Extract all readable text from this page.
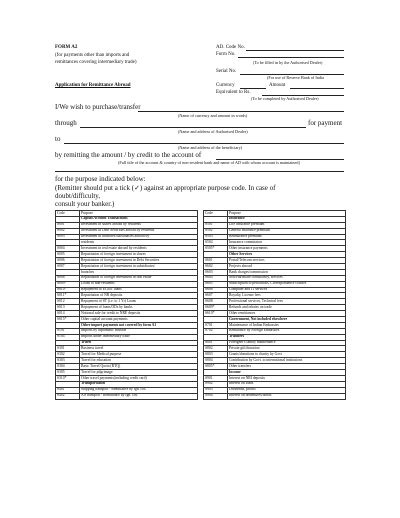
FORM A2
(for payments other than imports and
remittances covering intermediary trade)
Application for Remittance Abroad
AD. Code No.
Form No.
(To be filled in by the Authorised Dealer)
Serial No.
(For use of Reserve Bank of India
Currency	Amount
Equivalent to Rs.
(To be completed by Authorised Dealer)
I/We wish to purchase/transfer
(Name of currency and amount in words)
through	for payment
(Name and address of Authorised Dealer)
to
(Name and address of the beneficiary)
by remitting the amount / by credit to the account of
(Full title of the account & country of non-resident bank and name of AD with whom account is maintained)
for the purpose indicated below:
(Remitter should put a tick (✓) against an appropriate purpose code. In case of
doubt/difficulty,
consult your banker.)
Code	Purpose
	Capital Account Transactions
S001	Investment in shares abroad by residents
S002	Investment in Debt Securities abroad by residents
S003	Investment in branches/subsidiaries abroad by
	residents
S004	Investment in real estate abroad by residents
S005	Repatriation of foreign investment in shares
S006	Repatriation of foreign investment in Debt Securities
S007	Repatriation of foreign investment in subsidiaries/
	branches
S008	Repatriation of foreign investment in real estate
S009*	Loans to non-residents
S010*	Repayment of ECMT loans
S011*	Repatriation of NR deposits
S012	Repayment of ST (i.e. to 1 Yr) Loans
S013	Repayment of loans/ODs by banks
S014	Notional sale for credit to NRE deposits
S015*	Other capital account payments
	Other import payments not covered by form A1
S101	Imports by diplomatic mission
S104	Imports under intermediary trade
	Travel
S301	Business travel
S302	Travel for Medical purpose
S303	Travel for education
S304	Basic Travel Quota (BTQ)
S305	Travel for pilgrimage
S310*	Other travel payments(including credit card)
	Transportation
S401	Shipping transport - Remittance by fgn. cos.
S402	Air transport - Remittance by fgn. cos.
Code	Purpose
	Insurance
S501	Life insurance premium
S502	General insurance premium
S503	Reinsurance premium
S504	Insurance commission
S505*	Other insurance payments
	Other Services
S601	Postal/Telecom services
S602	Projects abroad
S603	Bank charges/commission
S604	Soft/Hardware consultancy, services
S605	Subscription to periodicals, Correspondence courses
S606	Computer and IT services
S607	Royalty, License fees
S608	Professional services, Technical fees
S609*	Refunds and rebates on trade
S610*	Other remittances
	Government, Not included elsewhere
S701	Maintenance of Indian Embassies
S702	Remittance by Foreign Embassies
	Transfers
S801	Foreigner's family maintenance
S802	Private gift/donation
S803	Grants/donations to charity by Govt
S804	Contribution by Govt. to international institutions
S805*	Other transfers
	Income
S901	Interest on NRI deposits
S902	Interest on loans
S903	Dividends, profits
S904	Interest on debentures/bonds
